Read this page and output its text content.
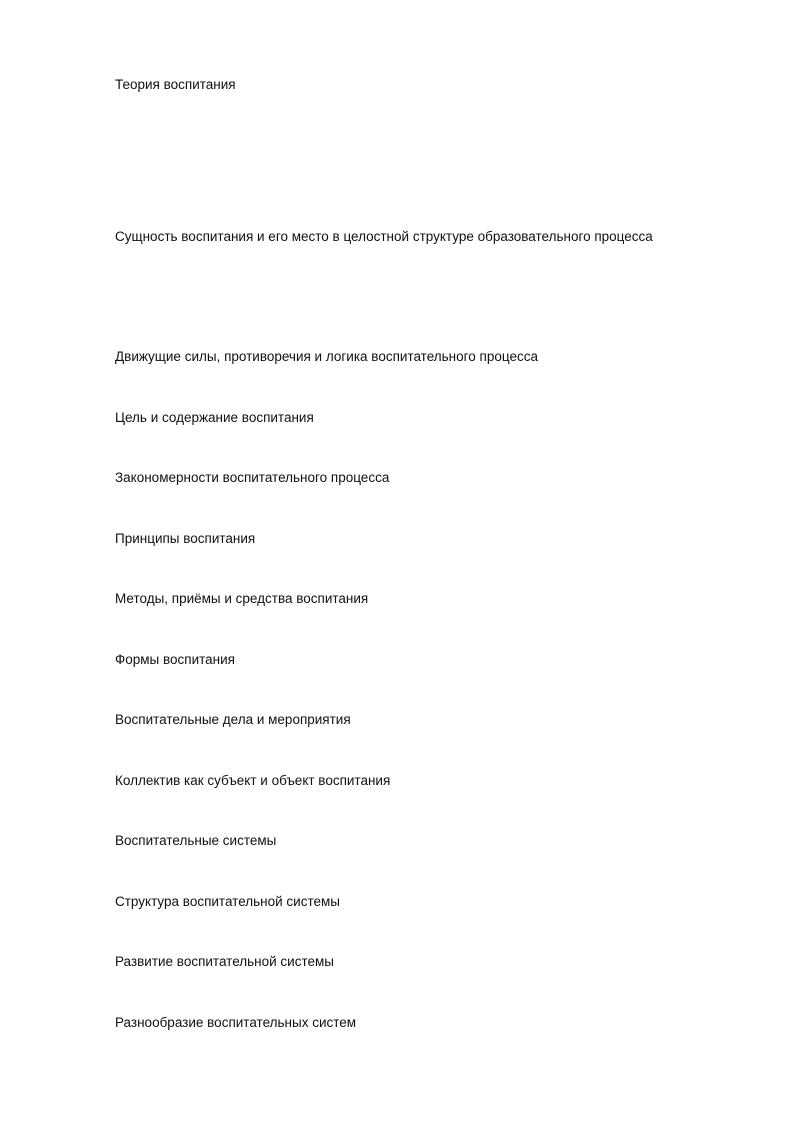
Теория воспитания
Сущность воспитания и его место в целостной структуре образовательного процесса
Движущие силы, противоречия и логика воспитательного процесса
Цель и содержание воспитания
Закономерности воспитательного процесса
Принципы воспитания
Методы, приёмы и средства воспитания
Формы воспитания
Воспитательные дела и мероприятия
Коллектив как субъект и объект воспитания
Воспитательные системы
Структура воспитательной системы
Развитие воспитательной системы
Разнообразие воспитательных систем
